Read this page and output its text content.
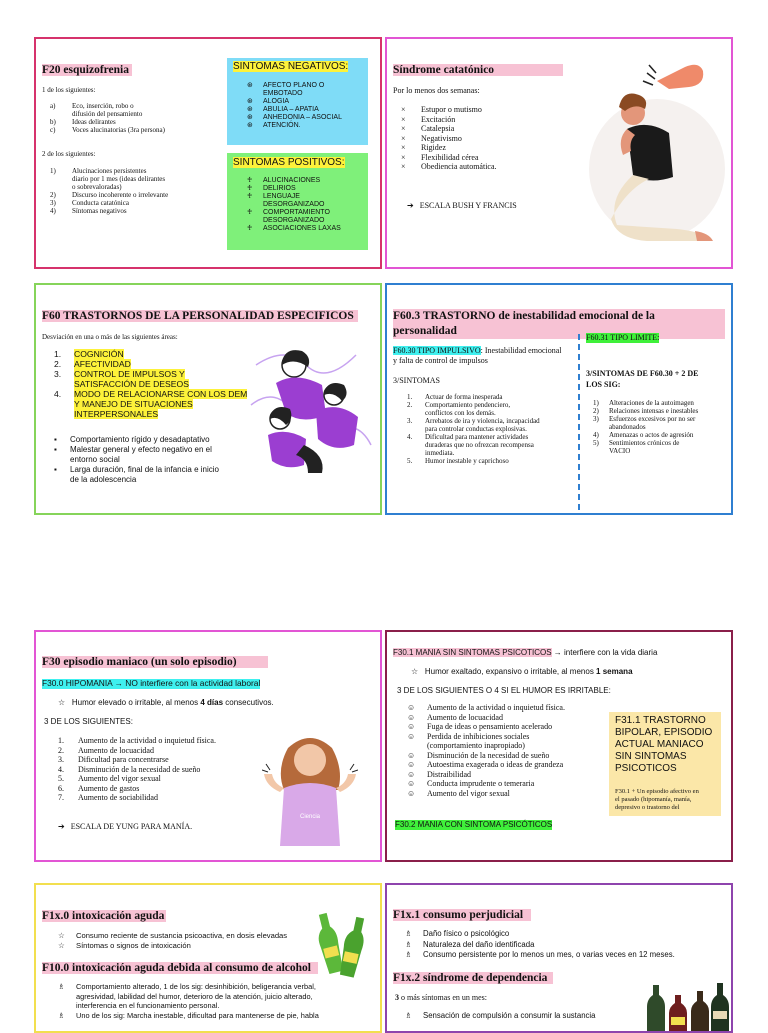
F20 esquizofrenia
1 de los siguientes:
a) Eco, inserción, robo o
difusión del pensamiento
b) Ideas delirantes
c) Voces alucinatorias (3ra persona)
2 de los siguientes:
1) Alucinaciones persistentes
diario por 1 mes (ideas delirantes
o sobrevaloradas)
2) Discurso incoherente o irrelevante
3) Conducta catatónica
4) Síntomas negativos
SINTOMAS NEGATIVOS:
⊛ AFECTO PLANO O
EMBOTADO
⊛ ALOGIA
⊛ ABULIA – APATIA
⊛ ANHEDONIA – ASOCIAL
⊛ ATENCIÓN.
SINTOMAS POSITIVOS:
♰ ALUCINACIONES
♰ DELIRIOS
♰ LENGUAJE
DESORGANIZADO
♰ COMPORTAMIENTO
DESORGANIZADO
♰ ASOCIACIONES LAXAS
Síndrome catatónico
Por lo menos dos semanas:
× Estupor o mutismo
× Excitación
× Catalepsia
× Negativismo
× Rigidez
× Flexibilidad cérea
× Obediencia automática.
➔ ESCALA BUSH Y FRANCIS
F60 TRASTORNOS DE LA PERSONALIDAD ESPECIFICOS
Desviación en una o más de las siguientes áreas:
1. COGNICIÓN
2. AFECTIVIDAD
3. CONTROL DE IMPULSOS Y
SATISFACCIÓN DE DESEOS
4. MODO DE RELACIONARSE CON LOS DEM
Y MANEJO DE SITUACIONES
INTERPERSONALES
▪ Comportamiento rígido y desadaptativo
▪ Malestar general y efecto negativo en el
entorno social
▪ Larga duración, final de la infancia e inicio
de la adolescencia
F60.3 TRASTORNO de inestabilidad emocional de la
personalidad
F60.30 TIPO IMPULSIVO: Inestabilidad emocional
y falta de control de impulsos
3/SINTOMAS
1. Actuar de forma inesperada
2. Comportamiento pendenciero,
conflictos con los demás.
3. Arrebatos de ira y violencia, incapacidad
para controlar conductas explosivas.
4. Dificultad para mantener actividades
duraderas que no ofrezcan recompensa
inmediata.
5. Humor inestable y caprichoso
F60.31 TIPO LIMITE:
3/SINTOMAS DE F60.30 + 2 DE
LOS SIG:
1) Alteraciones de la autoimagen
2) Relaciones intensas e inestables
3) Esfuerzos excesivos por no ser
abandonados
4) Amenazas o actos de agresión
5) Sentimientos crónicos de
VACIO
F30 episodio maniaco (un solo episodio)
F30.0 HIPOMANIA → NO interfiere con la actividad laboral
☆ Humor elevado o irritable, al menos 4 días consecutivos.
3 DE LOS SIGUIENTES:
1. Aumento de la actividad o inquietud física.
2. Aumento de locuacidad
3. Dificultad para concentrarse
4. Disminución de la necesidad de sueño
5. Aumento del vigor sexual
6. Aumento de gastos
7. Aumento de sociabilidad
➔ ESCALA DE YUNG PARA MANÍA.
Ciencia
F30.1 MANIA SIN SINTOMAS PSICOTICOS → interfiere con la vida diaria
☆ Humor exaltado, expansivo o irritable, al menos 1 semana
3 DE LOS SIGUIENTES O 4 SI EL HUMOR ES IRRITABLE:
☺ Aumento de la actividad o inquietud física.
☺ Aumento de locuacidad
☺ Fuga de ideas o pensamiento acelerado
☺ Perdida de inhibiciones sociales
(comportamiento inapropiado)
☺ Disminución de la necesidad de sueño
☺ Autoestima exagerada o ideas de grandeza
☺ Distraibilidad
☺ Conducta imprudente o temeraria
☺ Aumento del vigor sexual
F30.2 MANIA CON SINTOMA PSICÓTICOS
F31.1 TRASTORNO
BIPOLAR, EPISODIO
ACTUAL MANIACO
SIN SINTOMAS
PSICOTICOS
F30.1 + Un episodio afectivo en
el pasado (hipomanía, manía,
depresivo o trastorno del
F1x.0 intoxicación aguda
☆ Consumo reciente de sustancia psicoactiva, en dosis elevadas
☆ Síntomas o signos de intoxicación
F10.0 intoxicación aguda debida al consumo de alcohol
♗ Comportamiento alterado, 1 de los sig: desinhibición, beligerancia verbal,
agresividad, labilidad del humor, deterioro de la atención, juicio alterado,
interferencia en el funcionamiento personal.
♗ Uno de los sig: Marcha inestable, dificultad para mantenerse de pie, habla
F1x.1 consumo perjudicial
♗ Daño físico o psicológico
♗ Naturaleza del daño identificada
♗ Consumo persistente por lo menos un mes, o varias veces en 12 meses.
F1x.2 síndrome de dependencia
3 o más síntomas en un mes:
♗ Sensación de compulsión a consumir la sustancia
